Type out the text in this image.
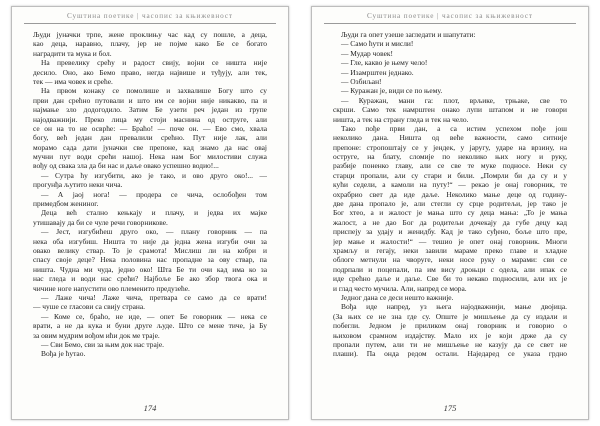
Суштина поетике | часопис за књижевност
Људи јуначки трпе, жене проклињу час кад су пошле, а деца,
као деца, наравно, плачу, јер не појме како Бе се богато
наградити та мука и бол.
На превелику срећу и радост свију, војни се ништа није
десило. Оно, ако Бемо право, негда највише и туђују, али тек,
тек — има човек и среће.
На првом конаку се помолише и захвалише Богу што су
први дан срећно путовали и што им се војни није никакво, па и
најмање зло додогодило. Затим Бе узети реч један из групе
најодважнији. Преко лица му стоји маснина од оструге, али
се он на то не осврће: — Браћо! — поче он. — Ево смо, хвала
богу, већ један дан превалили срећно. Пут није лак, али
морамо сада дати јуначки све препоне, кад знамо да нас овај
мучни пут води срећи нашој. Нека нам Бог милостиви служа
вођу од свака зла да би нас и даље овако успешно водио!...
— Сутра ћу изгубити, ако је тако, и ово друго око!... —
прогунђа љутито неки чича.
— А јаој нога! — продера се чича, ослобођен том
примедбом жениног.
Деца већ стално кењкају и плачу, и једва их мајке
утишавају да би се чуле речи говорникове.
— Јест, изгубићеш друго око, — плану говорник — па
нека оба изгубиш. Ништа то није да једна жена изгуби очи за
овако велику ствар. То је срамота! Мислиш ли на кобри и
спасу своје деце? Нека половина нас пропадне за ову ствар, па
ништа. Чудна ми чуда, једно око! Шта Бе ти очи кад има ко за
нас гледа и води нас срећи? Најбоље Бе ако збор твога ока и
чичине ноге напустити ово племенито предузеће.
— Лаже чича! Лаже чича, претвара се само да се врати!
— чуше се гласови са свију страна.
— Коме се, браћо, не иде, — опет Бе говорник — нека се
врати, а не да кука и буни друге људе. Што се мене тиче, ја Бу
за овим мудрим вођом ићи док ме траје.
— Сви Бемо, сви за њим док нас траје.
Вођа је ћутао.
174
Суштина поетике | часопис за књижевност
Људи га опет узеше загледати и шапутати:
— Само ћути и мисли!
— Мудар човек!
— Гле, какво је њему чело!
— Изамрштен једнако.
— Озбиљан!
— Куражан је, види се по њему.
— Куражан, мани га: плот, врљике, трњаке, све то
скрши. Само тек намрштен онако лупи штапом и не говори
ништа, а тек на страну гледа и тек на чело.
Тако пође први дан, а са истим успехом пође још
неколико дана. Ништа од веће важности, само ситније
препоне: стропоштају се у јендек, у јаругу, ударе на врзину, на
оструге, на блату, сломије по неколико њих ногу и руку,
разбије поненко главу, али се све те муке подносе. Неки су
старци пропали, али су стари и били. „Помрли би да су и у
кући седели, а камоли на путу!“ — рекао је онај говорник, те
охрабрио свет да иде даље. Неколико мање деце од годину-
две дана пропало је, али стегли су срце родитељи, јер тако је
Бог хтео, а и жалост је мања што су деца мања: „То је мања
жалост, а не дао Бог да родитељи дочекају да губе децу кад
приспеју за удају и женидбу. Кад је тако суђено, боље што пре,
јер мање и жалости!“ — тешио је опет онај говорник. Многи
храмљу и гегају, неки завили мараме преко главе и хладне
облоге метнули на чворуге, неки носе руку о марами: сви се
подрпали и поцепали, па им вису дроњци с одела, али ипак се
иде срећно даље и даље. Све би то некако подносили, али их је
и глад често мучила. Али, напред се мора.
Једног дана се деси нешто важније.
Вођа иде напред, уз њега најодважнији, мање двојица.
(За њих се не зна где су. Опште је мишљење да су издали и
побегли. Једном је приликом онај говорник и говорио о
њиховом срамном издајству. Мало их је који држе да су
пропали путем, али ти не мишљење не казују да се свет не
плаши). Па онда редом остали. Наједаред се указа грдно
175
